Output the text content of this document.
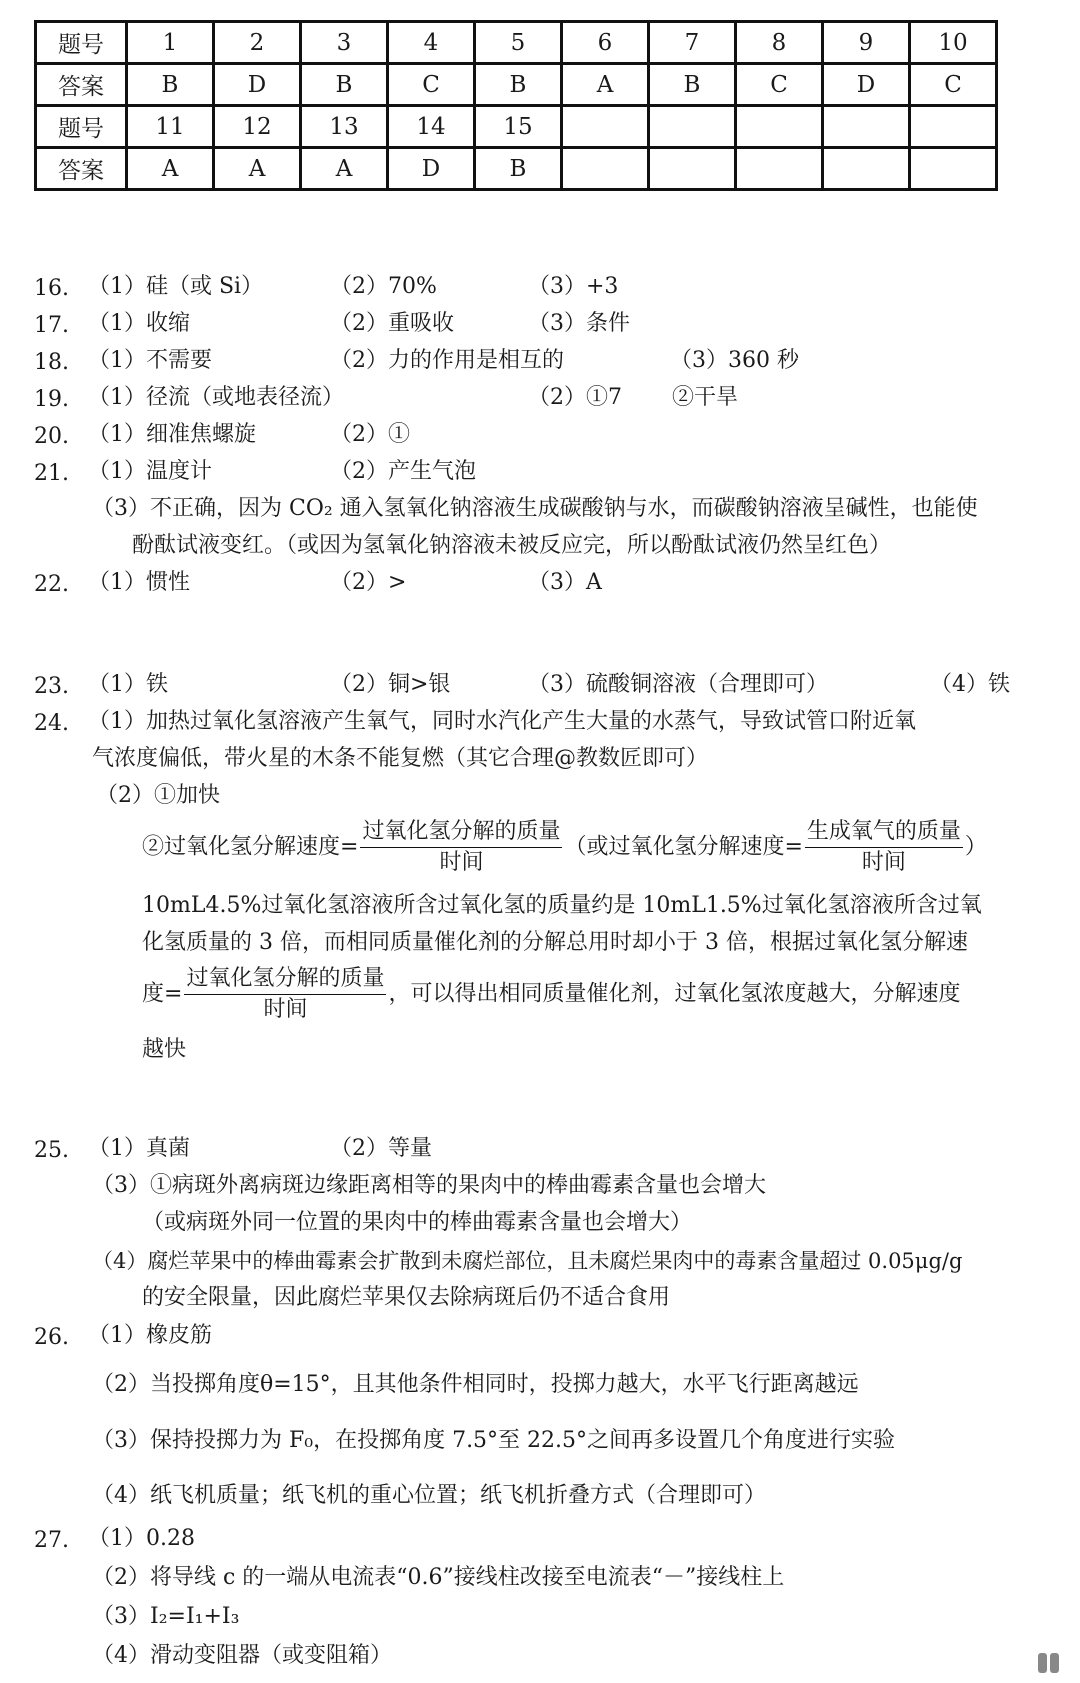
题号	1	2	3	4	5	6	7	8	9	10
答案	B	D	B	C	B	A	B	C	D	C
题号	11	12	13	14	15					
答案	A	A	A	D	B					
16. （1）硅（或 Si）	（2）70%	（3）+3
17. （1）收缩	（2）重吸收	（3）条件
18. （1）不需要	（2）力的作用是相互的	（3）360 秒
19. （1）径流（或地表径流）	（2）①7 ②干旱
20. （1）细准焦螺旋	（2）①
21. （1）温度计	（2）产生气泡
（3）不正确，因为 CO₂ 通入氢氧化钠溶液生成碳酸钠与水，而碳酸钠溶液呈碱性，也能使
酚酞试液变红。（或因为氢氧化钠溶液未被反应完，所以酚酞试液仍然呈红色）
22. （1）惯性	（2）>	（3）A
23. （1）铁	（2）铜>银	（3）硫酸铜溶液（合理即可）	（4）铁
24. （1）加热过氧化氢溶液产生氧气，同时水汽化产生大量的水蒸气，导致试管口附近氧
气浓度偏低，带火星的木条不能复燃（其它合理@教数匠即可）
（2）①加快
②过氧化氢分解速度= $\frac{\text{过氧化氢分解的质量}}{\text{时间}}$ （或过氧化氢分解速度= $\frac{\text{生成氧气的质量}}{\text{时间}}$ ）
10mL4.5%过氧化氢溶液所含过氧化氢的质量约是 10mL1.5%过氧化氢溶液所含过氧
化氢质量的 3 倍，而相同质量催化剂的分解总用时却小于 3 倍，根据过氧化氢分解速
度= $\frac{\text{过氧化氢分解的质量}}{\text{时间}}$ ，可以得出相同质量催化剂，过氧化氢浓度越大，分解速度
越快
25. （1）真菌	（2）等量
（3）①病斑外离病斑边缘距离相等的果肉中的棒曲霉素含量也会增大
（或病斑外同一位置的果肉中的棒曲霉素含量也会增大）
（4）腐烂苹果中的棒曲霉素会扩散到未腐烂部位，且未腐烂果肉中的毒素含量超过 0.05μg/g
的安全限量，因此腐烂苹果仅去除病斑后仍不适合食用
26. （1）橡皮筋
（2）当投掷角度θ=15°，且其他条件相同时，投掷力越大，水平飞行距离越远
（3）保持投掷力为 F₀，在投掷角度 7.5°至 22.5°之间再多设置几个角度进行实验
（4）纸飞机质量；纸飞机的重心位置；纸飞机折叠方式（合理即可）
27. （1）0.28
（2）将导线 c 的一端从电流表“0.6”接线柱改接至电流表“－”接线柱上
（3）I₂=I₁+I₃
（4）滑动变阻器（或变阻箱）
